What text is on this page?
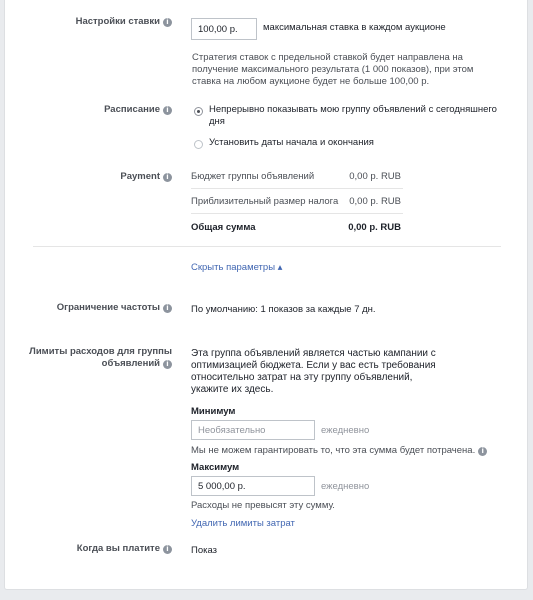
Настройки ставки i
100,00 р.	максимальная ставка в каждом аукционе
Стратегия ставок с предельной ставкой будет направлена на
получение максимального результата (1 000 показов), при этом
ставка на любом аукционе будет не больше 100,00 р.
Расписание i	Непрерывно показывать мою группу объявлений с сегодняшнего
дня
Установить даты начала и окончания
Payment i	Бюджет группы объявлений	0,00 р. RUB
Приблизительный размер налога	0,00 р. RUB
Общая сумма	0,00 р. RUB
Скрыть параметры ▴
Ограничение частоты i	По умолчанию: 1 показов за каждые 7 дн.
Лимиты расходов для группы
объявлений i
Эта группа объявлений является частью кампании с
оптимизацией бюджета. Если у вас есть требования
относительно затрат на эту группу объявлений,
укажите их здесь.
Минимум
Необязательно
ежедневно
Мы не можем гарантировать то, что эта сумма будет потрачена. i
Максимум
5 000,00 р.
ежедневно
Расходы не превысят эту сумму.
Удалить лимиты затрат
Когда вы платите i	Показ
